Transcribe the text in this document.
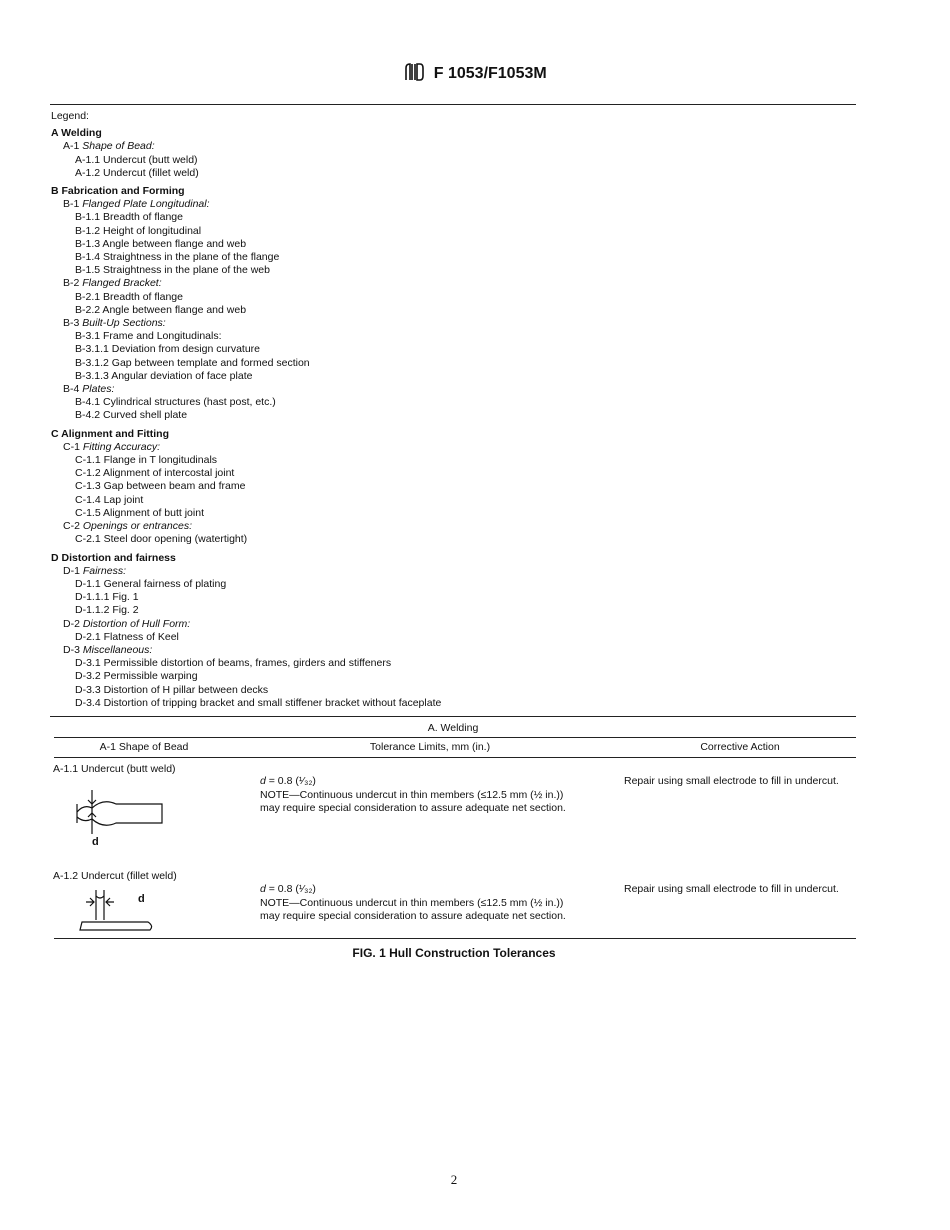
F 1053/F1053M
Legend:
A Welding
A-1 Shape of Bead:
A-1.1 Undercut (butt weld)
A-1.2 Undercut (fillet weld)
B Fabrication and Forming
B-1 Flanged Plate Longitudinal:
B-1.1 Breadth of flange
B-1.2 Height of longitudinal
B-1.3 Angle between flange and web
B-1.4 Straightness in the plane of the flange
B-1.5 Straightness in the plane of the web
B-2 Flanged Bracket:
B-2.1 Breadth of flange
B-2.2 Angle between flange and web
B-3 Built-Up Sections:
B-3.1 Frame and Longitudinals:
B-3.1.1 Deviation from design curvature
B-3.1.2 Gap between template and formed section
B-3.1.3 Angular deviation of face plate
B-4 Plates:
B-4.1 Cylindrical structures (hast post, etc.)
B-4.2 Curved shell plate
C Alignment and Fitting
C-1 Fitting Accuracy:
C-1.1 Flange in T longitudinals
C-1.2 Alignment of intercostal joint
C-1.3 Gap between beam and frame
C-1.4 Lap joint
C-1.5 Alignment of butt joint
C-2 Openings or entrances:
C-2.1 Steel door opening (watertight)
D Distortion and fairness
D-1 Fairness:
D-1.1 General fairness of plating
D-1.1.1 Fig. 1
D-1.1.2 Fig. 2
D-2 Distortion of Hull Form:
D-2.1 Flatness of Keel
D-3 Miscellaneous:
D-3.1 Permissible distortion of beams, frames, girders and stiffeners
D-3.2 Permissible warping
D-3.3 Distortion of H pillar between decks
D-3.4 Distortion of tripping bracket and small stiffener bracket without faceplate
A. Welding
A-1 Shape of Bead	Tolerance Limits, mm (in.)	Corrective Action
A-1.1 Undercut (butt weld)
d = 0.8 (¹⁄₃₂)
NOTE—Continuous undercut in thin members (≤12.5 mm (½ in.))
may require special consideration to assure adequate net section.
Repair using small electrode to fill in undercut.
d
A-1.2 Undercut (fillet weld)
d = 0.8 (¹⁄₃₂)
NOTE—Continuous undercut in thin members (≤12.5 mm (½ in.))
may require special consideration to assure adequate net section.
Repair using small electrode to fill in undercut.
d
FIG. 1 Hull Construction Tolerances
2
